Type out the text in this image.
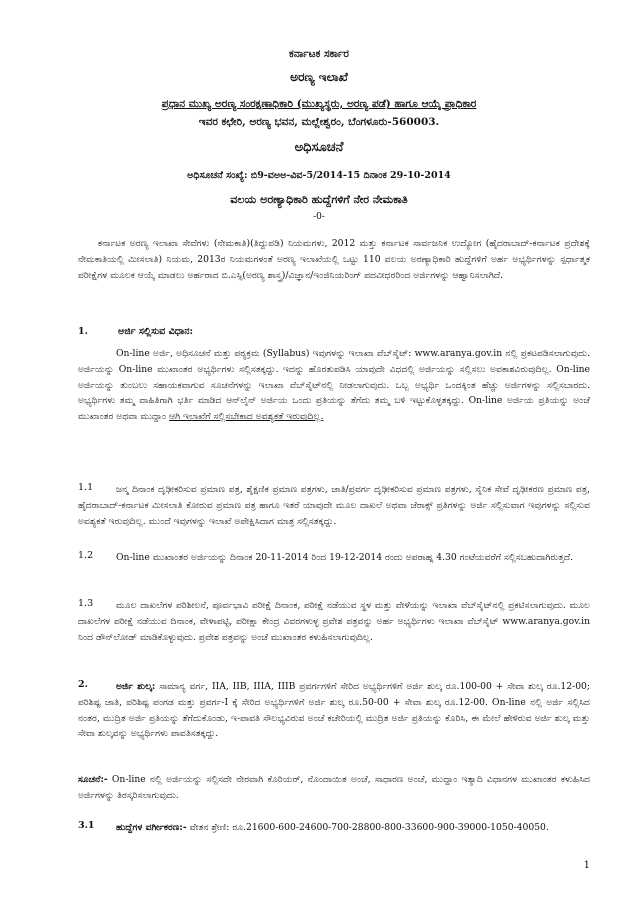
ಕರ್ನಾಟಕ ಸರ್ಕಾರ
ಅರಣ್ಯ ಇಲಾಖೆ
ಪ್ರಧಾನ ಮುಖ್ಯ ಅರಣ್ಯ ಸಂರಕ್ಷಣಾಧಿಕಾರಿ (ಮುಖ್ಯಸ್ಥರು, ಅರಣ್ಯ ಪಡೆ) ಹಾಗೂ ಆಯ್ಕೆ ಪ್ರಾಧಿಕಾರ
ಇವರ ಕಛೇರಿ, ಅರಣ್ಯ ಭವನ, ಮಲ್ಲೇಶ್ವರಂ, ಬೆಂಗಳೂರು-560003.
ಅಧಿಸೂಚನೆ
ಅಧಿಸೂಚನೆ ಸಂಖ್ಯೆ: ಬಿ9-ವಅಅ-ವಿವ-5/2014-15 ದಿನಾಂಕ 29-10-2014
ವಲಯ ಅರಣ್ಯಾಧಿಕಾರಿ ಹುದ್ದೆಗಳಿಗೆ ನೇರ ನೇಮಕಾತಿ
-0-
ಕರ್ನಾಟಕ ಅರಣ್ಯ ಇಲಾಖಾ ಸೇವೆಗಳು (ನೇಮಕಾತಿ)(ತಿದ್ದುಪಡಿ) ನಿಯಮಗಳು, 2012 ಮತ್ತು ಕರ್ನಾಟಕ ಸಾರ್ವಜನಿಕ ಉದ್ಯೋಗ (ಹೈದರಾಬಾದ್-ಕರ್ನಾಟಕ ಪ್ರದೇಶಕ್ಕೆ ನೇಮಕಾತಿಯಲ್ಲಿ ಮೀಸಲಾತಿ) ನಿಯಮ, 2013ರ ನಿಯಮಗಳಂತೆ ಅರಣ್ಯ ಇಲಾಖೆಯಲ್ಲಿ ಒಟ್ಟು 110 ವಲಯ ಅರಣ್ಯಾಧಿಕಾರಿ ಹುದ್ದೆಗಳಿಗೆ ಅರ್ಹ ಅಭ್ಯರ್ಥಿಗಳನ್ನು ಸ್ಪರ್ಧಾತ್ಮಕ ಪರೀಕ್ಷೆಗಳ ಮೂಲಕ ಆಯ್ಕೆ ಮಾಡಲು ಅರ್ಹರಾದ ಬಿ.ಎಸ್ಸಿ(ಅರಣ್ಯ ಶಾಸ್ತ್ರ)/ವಿಜ್ಞಾನ/ಇಂಜಿನಿಯರಿಂಗ್ ಪದವೀಧರರಿಂದ ಅರ್ಜಿಗಳನ್ನು ಆಹ್ವಾನಿಸಲಾಗಿದೆ.
1.	ಅರ್ಜಿ ಸಲ್ಲಿಸುವ ವಿಧಾನ:
On-line ಅರ್ಜಿ, ಅಧಿಸೂಚನೆ ಮತ್ತು ಪಠ್ಯಕ್ರಮ (Syllabus) ಇವುಗಳನ್ನು ಇಲಾಖಾ ವೆಬ್‌ಸೈಟ್: www.aranya.gov.in ನಲ್ಲಿ ಪ್ರಕಟಪಡಿಸಲಾಗುವುದು. ಅರ್ಜಿಯನ್ನು On-line ಮುಖಾಂತರ ಅಭ್ಯರ್ಥಿಗಳು ಸಲ್ಲಿಸತಕ್ಕದ್ದು. ಇದನ್ನು ಹೊರತುಪಡಿಸಿ ಯಾವುದೇ ವಿಧದಲ್ಲಿ ಅರ್ಜಿಯನ್ನು ಸಲ್ಲಿಸಲು ಅವಕಾಶವಿರುವುದಿಲ್ಲ. On-line ಅರ್ಜಿಯನ್ನು ತುಂಬಲು ಸಹಾಯಕವಾಗುವ ಸೂಚನೆಗಳನ್ನು ಇಲಾಖಾ ವೆಬ್‌ಸೈಟ್‌ನಲ್ಲಿ ನೀಡಲಾಗುವುದು. ಒಬ್ಬ ಅಭ್ಯರ್ಥಿ ಒಂದಕ್ಕಿಂತ ಹೆಚ್ಚು ಅರ್ಜಿಗಳನ್ನು ಸಲ್ಲಿಸಬಾರದು. ಅಭ್ಯರ್ಥಿಗಳು ತಮ್ಮ ವಾಹಿತಿಗಾಗಿ ಭರ್ತಿ ಮಾಡಿದ ಆನ್‌ಲೈನ್ ಅರ್ಜಿಯ ಒಂದು ಪ್ರತಿಯನ್ನು ತೆಗೆದು ತಮ್ಮ ಬಳಿ ಇಟ್ಟುಕೊಳ್ಳತಕ್ಕದ್ದು. On-line ಅರ್ಜಿಯ ಪ್ರತಿಯನ್ನು ಅಂಚೆ ಮುಖಾಂತರ ಅಥವಾ ಮುದ್ದಾಂ ಆಗಿ ಇಲಾಖೆಗೆ ಸಲ್ಲಿಸಬೇಕಾದ ಅವಶ್ಯಕತೆ ಇರುವುದಿಲ್ಲ.
1.1	ಜನ್ಮ ದಿನಾಂಕ ದೃಢೀಕರಿಸುವ ಪ್ರಮಾಣ ಪತ್ರ, ಶೈಕ್ಷಣಿಕ ಪ್ರಮಾಣ ಪತ್ರಗಳು, ಜಾತಿ/ಪ್ರವರ್ಗ ದೃಢೀಕರಿಸುವ ಪ್ರಮಾಣ ಪತ್ರಗಳು, ಸೈನಿಕ ಸೇವೆ ದೃಢೀಕರಣ ಪ್ರಮಾಣ ಪತ್ರ, ಹೈದರಾಬಾದ್-ಕರ್ನಾಟಕ ಮೀಸಲಾತಿ ಕೋರುವ ಪ್ರಮಾಣ ಪತ್ರ ಹಾಗೂ ಇತರೆ ಯಾವುದೇ ಮೂಲ ದಾಖಲೆ ಅಥವಾ ಜೆರಾಕ್ಸ್ ಪ್ರತಿಗಳನ್ನು ಅರ್ಜಿ ಸಲ್ಲಿಸುವಾಗ ಇವುಗಳನ್ನು ಸಲ್ಲಿಸುವ ಅವಶ್ಯಕತೆ ಇರುವುದಿಲ್ಲ. ಮುಂದೆ ಇವುಗಳನ್ನು ಇಲಾಖೆ ಅಪೇಕ್ಷಿಸಿದಾಗ ಮಾತ್ರ ಸಲ್ಲಿಸತಕ್ಕದ್ದು.
1.2	On-line ಮುಖಾಂತರ ಅರ್ಜಿಯನ್ನು ದಿನಾಂಕ 20-11-2014 ರಿಂದ 19-12-2014 ರಂದು ಅಪರಾಹ್ನ 4.30 ಗಂಟೆಯವರೆಗೆ ಸಲ್ಲಿಸಬಹುದಾಗಿರುತ್ತದೆ.
1.3	ಮೂಲ ದಾಖಲೆಗಳ ಪರಿಶೀಲನೆ, ಪೂರ್ವಭಾವಿ ಪರೀಕ್ಷೆ ದಿನಾಂಕ, ಪರೀಕ್ಷೆ ನಡೆಯುವ ಸ್ಥಳ ಮತ್ತು ವೇಳೆಯನ್ನು ಇಲಾಖಾ ವೆಬ್‌ಸೈಟ್‌ನಲ್ಲಿ ಪ್ರಕಟಿಸಲಾಗುವುದು. ಮೂಲ ದಾಖಲೆಗಳ ಪರೀಕ್ಷೆ ನಡೆಯುವ ದಿನಾಂಕ, ವೇಳಾಪಟ್ಟಿ, ಪರೀಕ್ಷಾ ಕೇಂದ್ರ ವಿವರಗಳುಳ್ಳ ಪ್ರವೇಶ ಪತ್ರವನ್ನು ಅರ್ಹ ಅಭ್ಯರ್ಥಿಗಳು ಇಲಾಖಾ ವೆಬ್‌ಸೈಟ್ www.aranya.gov.in ನಿಂದ ಡೌನ್‌ಲೋಡ್ ಮಾಡಿಕೊಳ್ಳುವುದು. ಪ್ರವೇಶ ಪತ್ರವನ್ನು ಅಂಚೆ ಮುಖಾಂತರ ಕಳುಹಿಸಲಾಗುವುದಿಲ್ಲ.
2.	ಅರ್ಜಿ ಶುಲ್ಕ: ಸಾಮಾನ್ಯ ವರ್ಗ, IIA, IIB, IIIA, IIIB ಪ್ರವರ್ಗಗಳಿಗೆ ಸೇರಿದ ಅಭ್ಯರ್ಥಿಗಳಿಗೆ ಅರ್ಜಿ ಶುಲ್ಕ ರೂ.100-00 + ಸೇವಾ ಶುಲ್ಕ ರೂ.12-00; ಪರಿಶಿಷ್ಟ ಜಾತಿ, ಪರಿಶಿಷ್ಟ ಪಂಗಡ ಮತ್ತು ಪ್ರವರ್ಗ-I ಕ್ಕೆ ಸೇರಿದ ಅಭ್ಯರ್ಥಿಗಳಿಗೆ ಅರ್ಜಿ ಶುಲ್ಕ ರೂ.50-00 + ಸೇವಾ ಶುಲ್ಕ ರೂ.12-00. On-line ನಲ್ಲಿ ಅರ್ಜಿ ಸಲ್ಲಿಸಿದ ನಂತರ, ಮುದ್ರಿತ ಅರ್ಜಿ ಪ್ರತಿಯನ್ನು ತೆಗೆದುಕೊಂಡು, ಇ-ಪಾವತಿ ಸೌಲಭ್ಯವಿರುವ ಅಂಚೆ ಕಚೇರಿಯಲ್ಲಿ ಮುದ್ರಿತ ಅರ್ಜಿ ಪ್ರತಿಯನ್ನು ಕೊರಿಸಿ, ಈ ಮೇಲೆ ಹೇಳಿರುವ ಅರ್ಜಿ ಶುಲ್ಕ ಮತ್ತು ಸೇವಾ ಶುಲ್ಕವನ್ನು ಅಭ್ಯರ್ಥಿಗಳು ಪಾವತಿಸತಕ್ಕದ್ದು.
ಸೂಚನೆ:- On-line ನಲ್ಲಿ ಅರ್ಜಿಯನ್ನು ಸಲ್ಲಿಸದೇ ನೇರವಾಗಿ ಕೊರಿಯರ್, ನೊಂದಾಯಿತ ಅಂಚೆ, ಸಾಧಾರಣ ಅಂಚೆ, ಮುದ್ದಾಂ ಇತ್ಯಾದಿ ವಿಧಾನಗಳ ಮುಖಾಂತರ ಕಳುಹಿಸಿದ ಅರ್ಜಿಗಳನ್ನು ತಿರಸ್ಕರಿಸಲಾಗುವುದು.
3.1	ಹುದ್ದೆಗಳ ವರ್ಗೀಕರಣ:- ವೇತನ ಶ್ರೇಣಿ: ರೂ.21600-600-24600-700-28800-800-33600-900-39000-1050-40050.
1
